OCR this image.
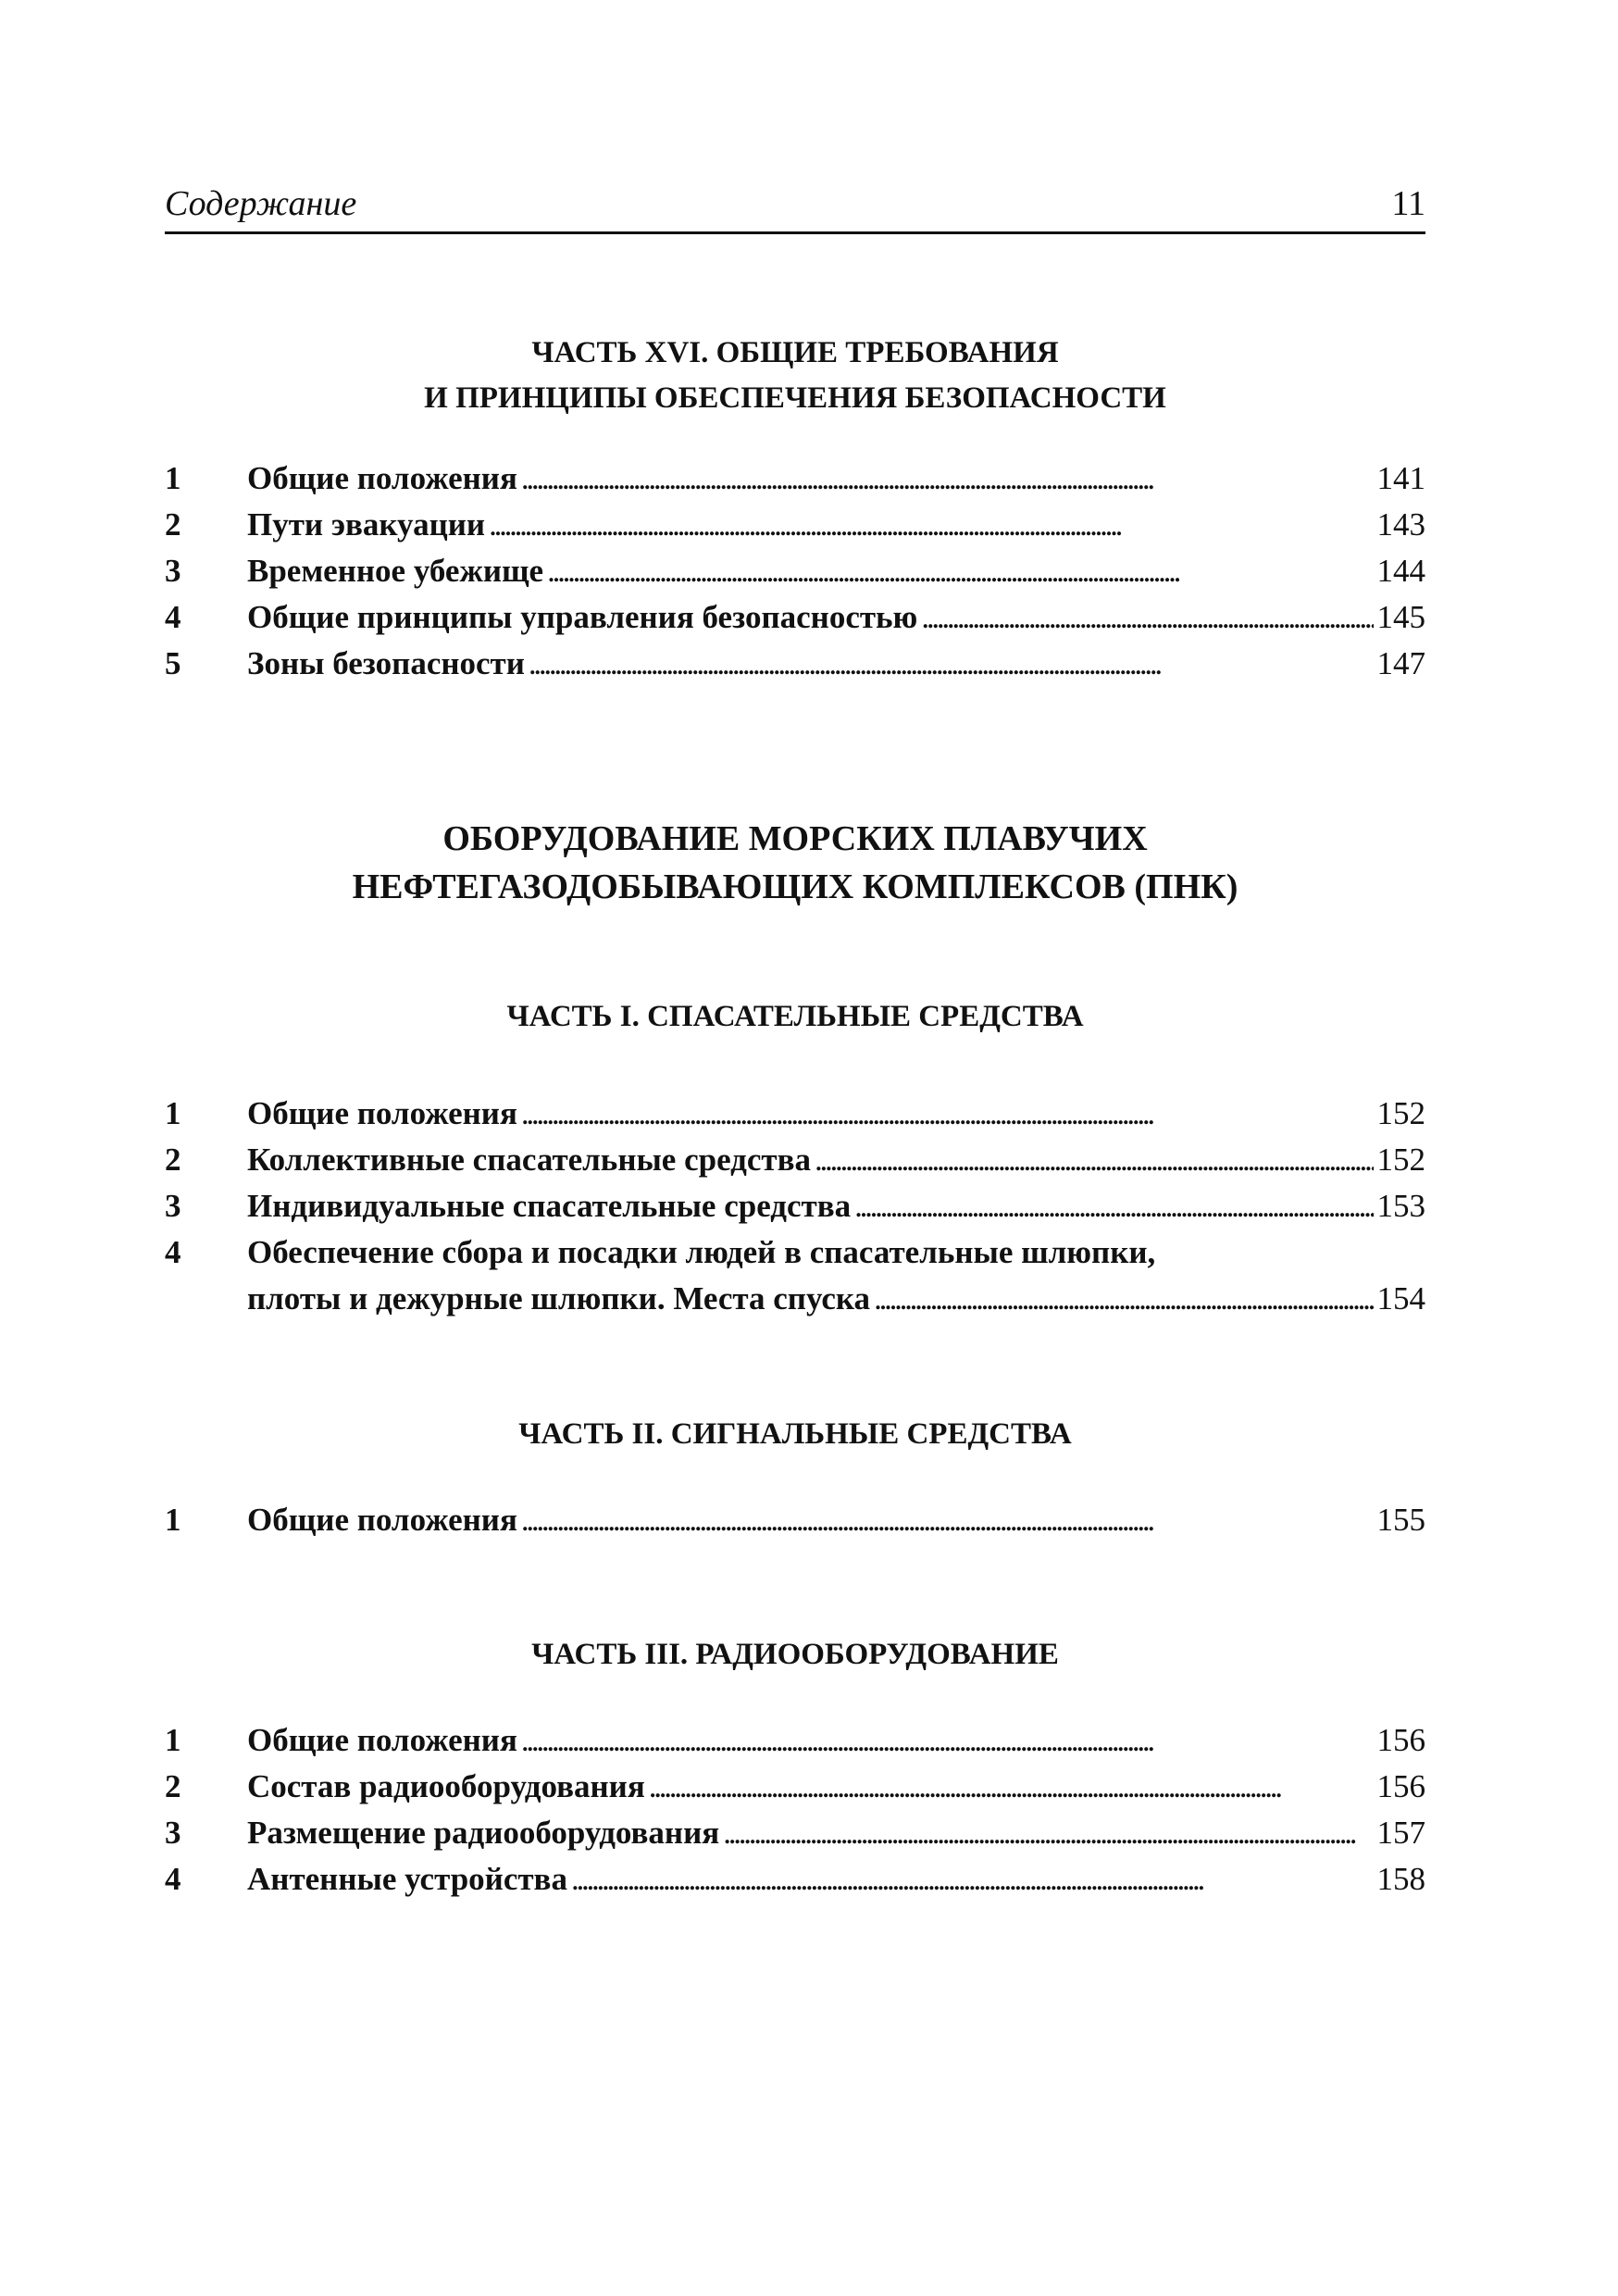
Содержание	11
ЧАСТЬ XVI. ОБЩИЕ ТРЕБОВАНИЯ
И ПРИНЦИПЫ ОБЕСПЕЧЕНИЯ БЕЗОПАСНОСТИ
1 Общие положения . . .	141
2 Пути эвакуации . . .	143
3 Временное убежище . . .	144
4 Общие принципы управления безопасностью . . .	145
5 Зоны безопасности . . .	147
ОБОРУДОВАНИЕ МОРСКИХ ПЛАВУЧИХ
НЕФТЕГАЗОДОБЫВАЮЩИХ КОМПЛЕКСОВ (ПНК)
ЧАСТЬ I. СПАСАТЕЛЬНЫЕ СРЕДСТВА
1 Общие положения . . .	152
2 Коллективные спасательные средства . . .	152
3 Индивидуальные спасательные средства . . .	153
4 Обеспечение сбора и посадки людей в спасательные шлюпки,
плоты и дежурные шлюпки. Места спуска . . .	154
ЧАСТЬ II. СИГНАЛЬНЫЕ СРЕДСТВА
1 Общие положения . . .	155
ЧАСТЬ III. РАДИООБОРУДОВАНИЕ
1 Общие положения . . .	156
2 Состав радиооборудования . . .	156
3 Размещение радиооборудования . . .	157
4 Антенные устройства . . .	158
